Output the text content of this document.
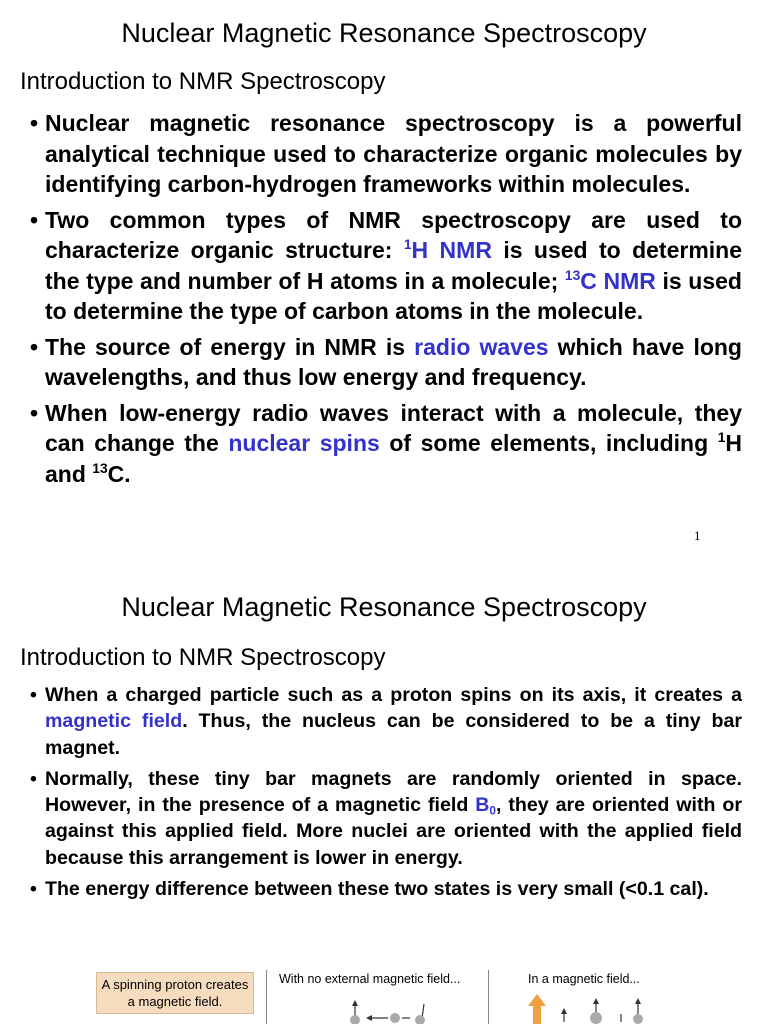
Nuclear Magnetic Resonance Spectroscopy
Introduction to NMR Spectroscopy
• Nuclear magnetic resonance spectroscopy is a powerful analytical technique used to characterize organic molecules by identifying carbon-hydrogen frameworks within molecules.
• Two common types of NMR spectroscopy are used to characterize organic structure: $^1$H NMR is used to determine the type and number of H atoms in a molecule; $^{13}$C NMR is used to determine the type of carbon atoms in the molecule.
• The source of energy in NMR is radio waves which have long wavelengths, and thus low energy and frequency.
• When low-energy radio waves interact with a molecule, they can change the nuclear spins of some elements, including $^1$H and $^{13}$C.
1
Nuclear Magnetic Resonance Spectroscopy
Introduction to NMR Spectroscopy
• When a charged particle such as a proton spins on its axis, it creates a magnetic field. Thus, the nucleus can be considered to be a tiny bar magnet.
• Normally, these tiny bar magnets are randomly oriented in space. However, in the presence of a magnetic field $B_0$, they are oriented with or against this applied field. More nuclei are oriented with the applied field because this arrangement is lower in energy.
• The energy difference between these two states is very small (<0.1 cal).
A spinning proton creates a magnetic field.
With no external magnetic field...	In a magnetic field...
